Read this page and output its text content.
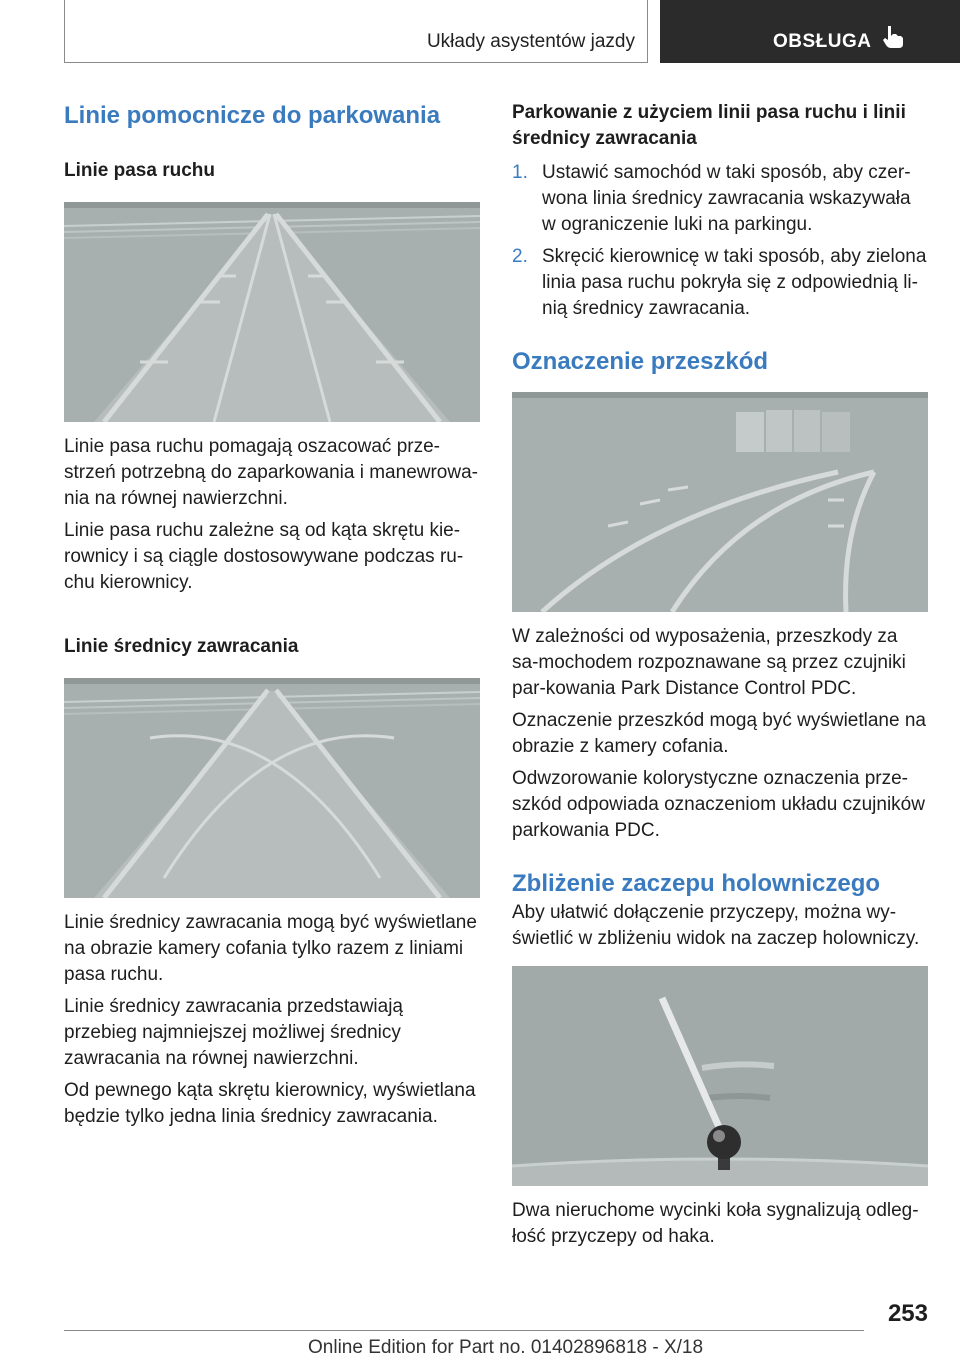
Układy asystentów jazdy	OBSŁUGA
Linie pomocnicze do parkowania
Linie pasa ruchu

Linie pasa ruchu pomagają oszacować prze-strzeń potrzebną do zaparkowania i manewrowa-nia na równej nawierzchni.

Linie pasa ruchu zależne są od kąta skrętu kie-rownicy i są ciągle dostosowywane podczas ru-chu kierownicy.

Linie średnicy zawracania

Linie średnicy zawracania mogą być wyświetlane na obrazie kamery cofania tylko razem z liniami pasa ruchu.

Linie średnicy zawracania przedstawiają przebieg najmniejszej możliwej średnicy zawracania na równej nawierzchni.

Od pewnego kąta skrętu kierownicy, wyświetlana będzie tylko jedna linia średnicy zawracania.

Parkowanie z użyciem linii pasa ruchu i linii średnicy zawracania
1. Ustawić samochód w taki sposób, aby czer-wona linia średnicy zawracania wskazywała w ograniczenie luki na parkingu.
2. Skręcić kierownicę w taki sposób, aby zielona linia pasa ruchu pokryła się z odpowiednią li-nią średnicy zawracania.
Oznaczenie przeszkód

W zależności od wyposażenia, przeszkody za sa-mochodem rozpoznawane są przez czujniki par-kowania Park Distance Control PDC.

Oznaczenie przeszkód mogą być wyświetlane na obrazie z kamery cofania.

Odwzorowanie kolorystyczne oznaczenia prze-szkód odpowiada oznaczeniom układu czujników parkowania PDC.

Zbliżenie zaczepu holowniczego

Aby ułatwić dołączenie przyczepy, można wy-świetlić w zbliżeniu widok na zaczep holowniczy.

Dwa nieruchome wycinki koła sygnalizują odleg-łość przyczepy od haka.

253
Online Edition for Part no. 01402896818 - X/18
